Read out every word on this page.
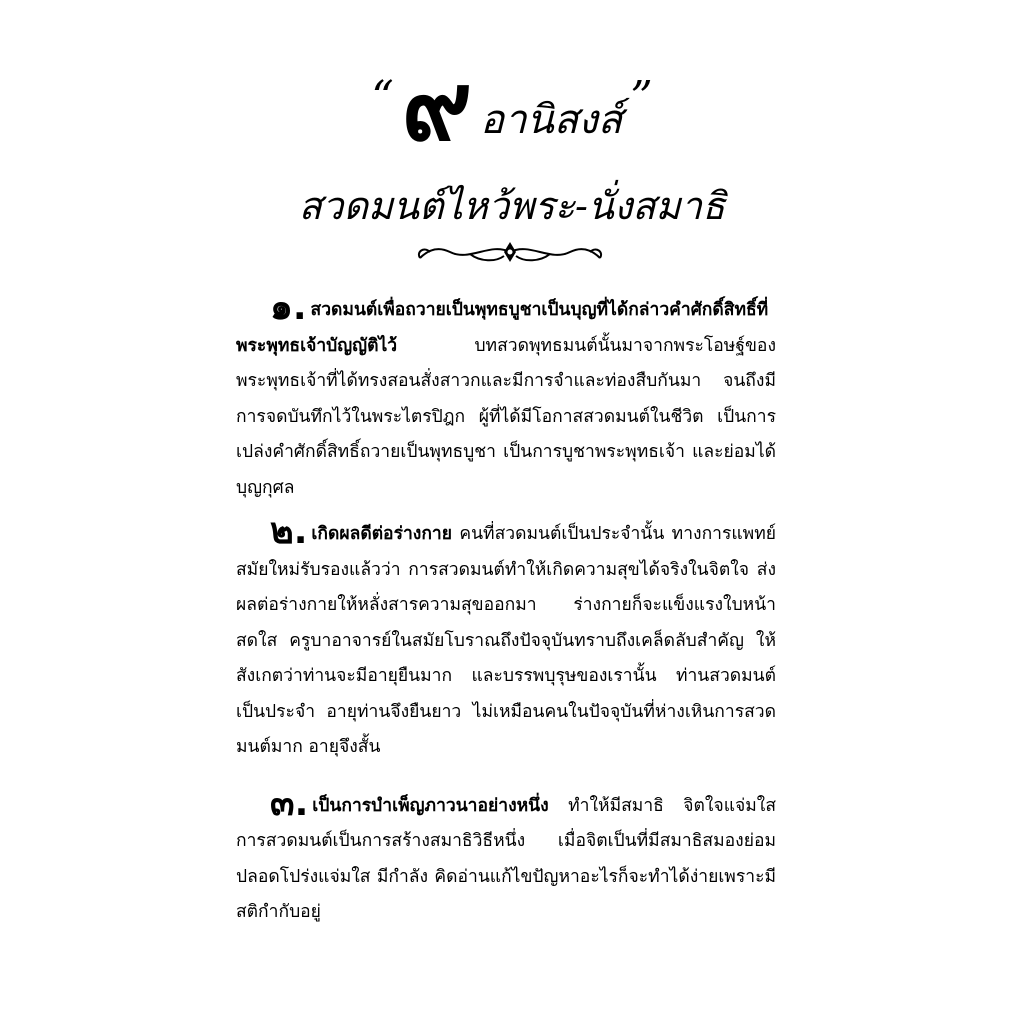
“ ๙ อานิสงส์ ”
สวดมนต์ไหว้พระ-นั่งสมาธิ

๑. สวดมนต์เพื่อถวายเป็นพุทธบูชาเป็นบุญที่ได้กล่าวคำศักดิ์สิทธิ์ที่พระพุทธเจ้าบัญญัติไว้ บทสวดพุทธมนต์นั้นมาจากพระโอษฐ์ของพระพุทธเจ้าที่ได้ทรงสอนสั่งสาวกและมีการจำและท่องสืบกันมา จนถึงมีการจดบันทึกไว้ในพระไตรปิฎก ผู้ที่ได้มีโอกาสสวดมนต์ในชีวิต เป็นการเปล่งคำศักดิ์สิทธิ์ถวายเป็นพุทธบูชา เป็นการบูชาพระพุทธเจ้า และย่อมได้บุญกุศล

๒. เกิดผลดีต่อร่างกาย คนที่สวดมนต์เป็นประจำนั้น ทางการแพทย์สมัยใหม่รับรองแล้วว่า การสวดมนต์ทำให้เกิดความสุขได้จริงในจิตใจ ส่งผลต่อร่างกายให้หลั่งสารความสุขออกมา ร่างกายก็จะแข็งแรงใบหน้าสดใส ครูบาอาจารย์ในสมัยโบราณถึงปัจจุบันทราบถึงเคล็ดลับสำคัญ ให้สังเกตว่าท่านจะมีอายุยืนมาก และบรรพบุรุษของเรานั้น ท่านสวดมนต์เป็นประจำ อายุท่านจึงยืนยาว ไม่เหมือนคนในปัจจุบันที่ห่างเหินการสวดมนต์มาก อายุจึงสั้น

๓. เป็นการบำเพ็ญภาวนาอย่างหนึ่ง ทำให้มีสมาธิ จิตใจแจ่มใส การสวดมนต์เป็นการสร้างสมาธิวิธีหนึ่ง เมื่อจิตเป็นที่มีสมาธิสมองย่อมปลอดโปร่งแจ่มใส มีกำลัง คิดอ่านแก้ไขปัญหาอะไรก็จะทำได้ง่ายเพราะมีสติกำกับอยู่
